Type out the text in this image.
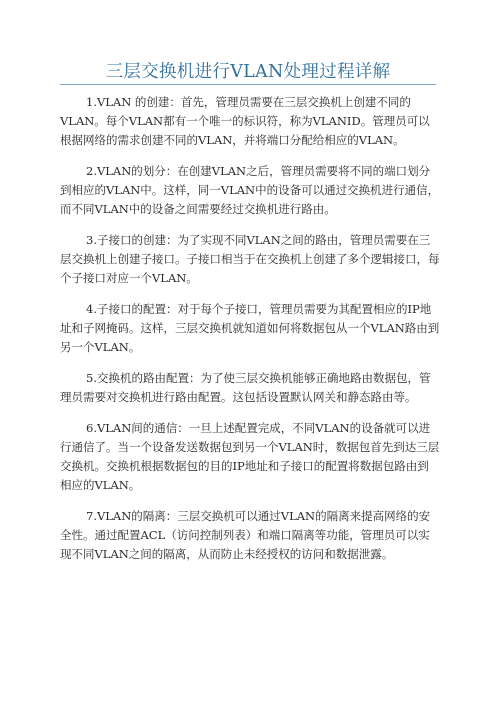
三层交换机进行VLAN处理过程详解

1.VLAN 的创建：首先，管理员需要在三层交换机上创建不同的 VLAN。每个VLAN都有一个唯一的标识符，称为VLANID。管理员可以根据网络的需求创建不同的VLAN，并将端口分配给相应的VLAN。

2.VLAN的划分：在创建VLAN之后，管理员需要将不同的端口划分到相应的VLAN中。这样，同一VLAN中的设备可以通过交换机进行通信，而不同VLAN中的设备之间需要经过交换机进行路由。

3.子接口的创建：为了实现不同VLAN之间的路由，管理员需要在三层交换机上创建子接口。子接口相当于在交换机上创建了多个逻辑接口，每个子接口对应一个VLAN。

4.子接口的配置：对于每个子接口，管理员需要为其配置相应的IP地址和子网掩码。这样，三层交换机就知道如何将数据包从一个VLAN路由到另一个VLAN。

5.交换机的路由配置：为了使三层交换机能够正确地路由数据包，管理员需要对交换机进行路由配置。这包括设置默认网关和静态路由等。

6.VLAN间的通信：一旦上述配置完成，不同VLAN的设备就可以进行通信了。当一个设备发送数据包到另一个VLAN时，数据包首先到达三层交换机。交换机根据数据包的目的IP地址和子接口的配置将数据包路由到相应的VLAN。

7.VLAN的隔离：三层交换机可以通过VLAN的隔离来提高网络的安全性。通过配置ACL（访问控制列表）和端口隔离等功能，管理员可以实现不同VLAN之间的隔离，从而防止未经授权的访问和数据泄露。
